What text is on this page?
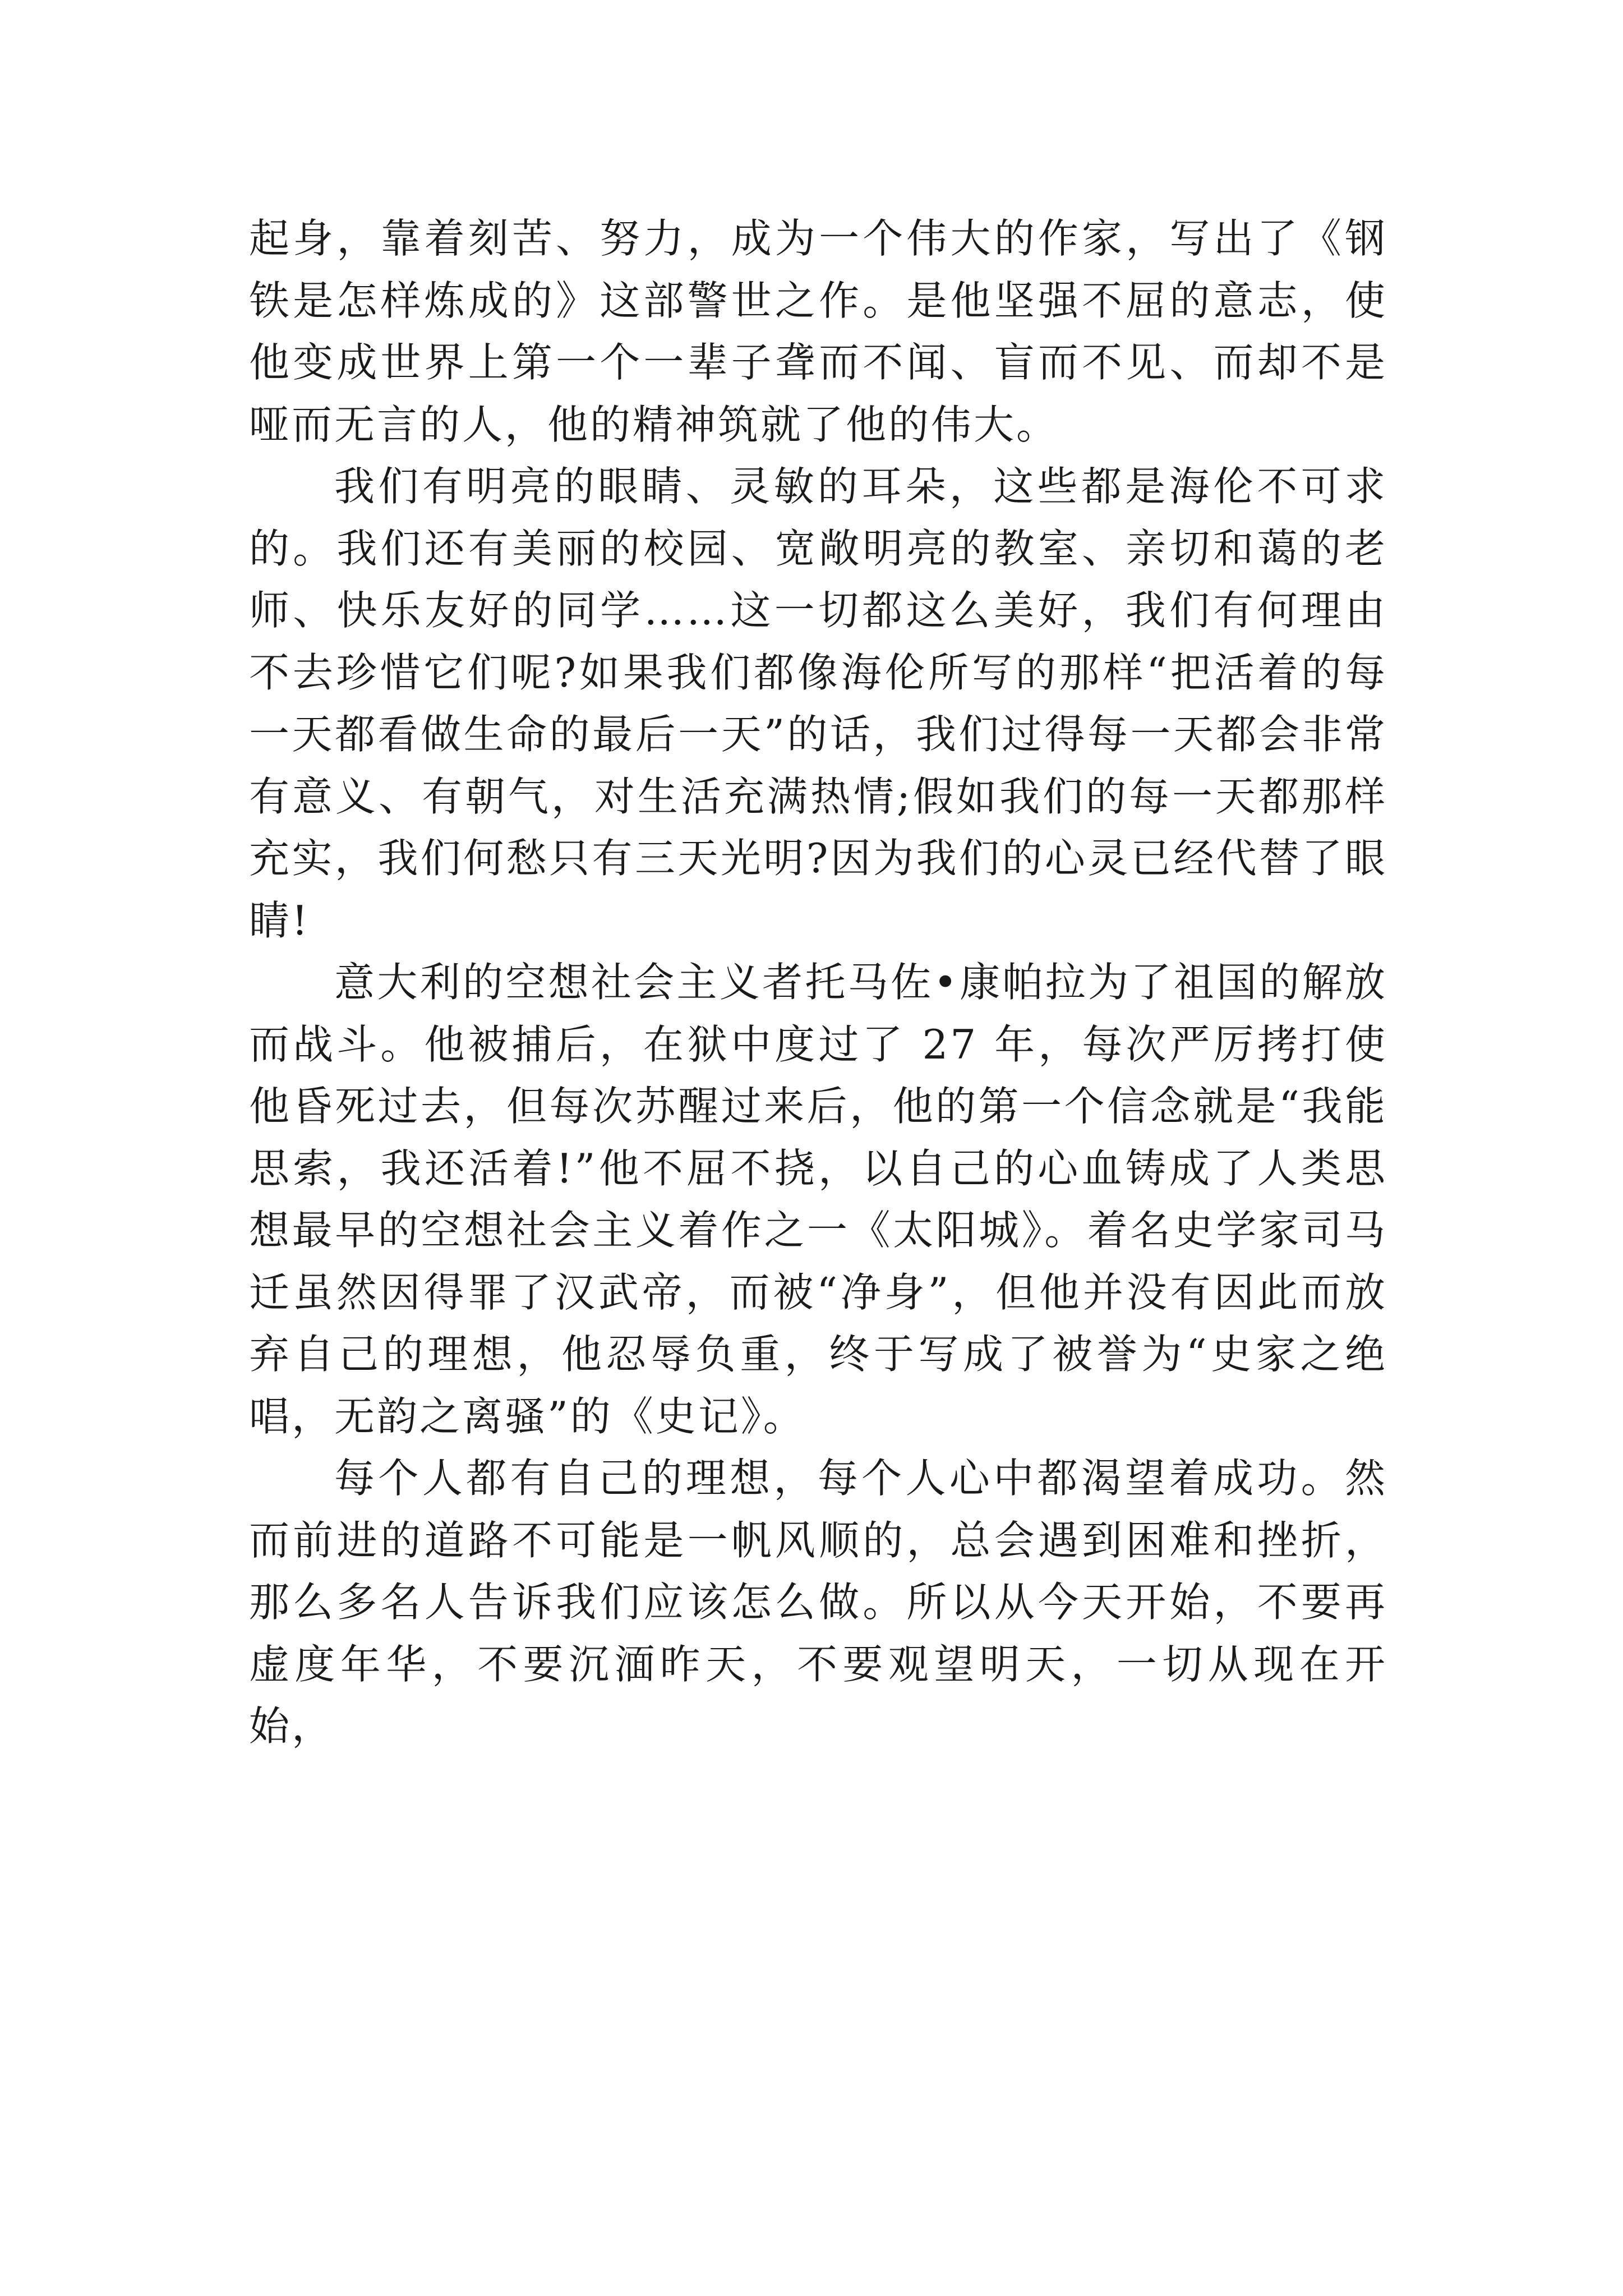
起身，靠着刻苦、努力，成为一个伟大的作家，写出了《钢铁是怎样炼成的》这部警世之作。是他坚强不屈的意志，使他变成世界上第一个一辈子聋而不闻、盲而不见、而却不是哑而无言的人，他的精神筑就了他的伟大。

我们有明亮的眼睛、灵敏的耳朵，这些都是海伦不可求的。我们还有美丽的校园、宽敞明亮的教室、亲切和蔼的老师、快乐友好的同学……这一切都这么美好，我们有何理由不去珍惜它们呢?如果我们都像海伦所写的那样“把活着的每一天都看做生命的最后一天”的话，我们过得每一天都会非常有意义、有朝气，对生活充满热情;假如我们的每一天都那样充实，我们何愁只有三天光明?因为我们的心灵已经代替了眼睛!

意大利的空想社会主义者托马佐•康帕拉为了祖国的解放而战斗。他被捕后，在狱中度过了 27 年，每次严厉拷打使他昏死过去，但每次苏醒过来后，他的第一个信念就是“我能思索，我还活着!”他不屈不挠，以自己的心血铸成了人类思想最早的空想社会主义着作之一《太阳城》。着名史学家司马迁虽然因得罪了汉武帝，而被“净身”，但他并没有因此而放弃自己的理想，他忍辱负重，终于写成了被誉为“史家之绝唱，无韵之离骚”的《史记》。

每个人都有自己的理想，每个人心中都渴望着成功。然而前进的道路不可能是一帆风顺的，总会遇到困难和挫折，那么多名人告诉我们应该怎么做。所以从今天开始，不要再虚度年华，不要沉湎昨天，不要观望明天，一切从现在开始，
